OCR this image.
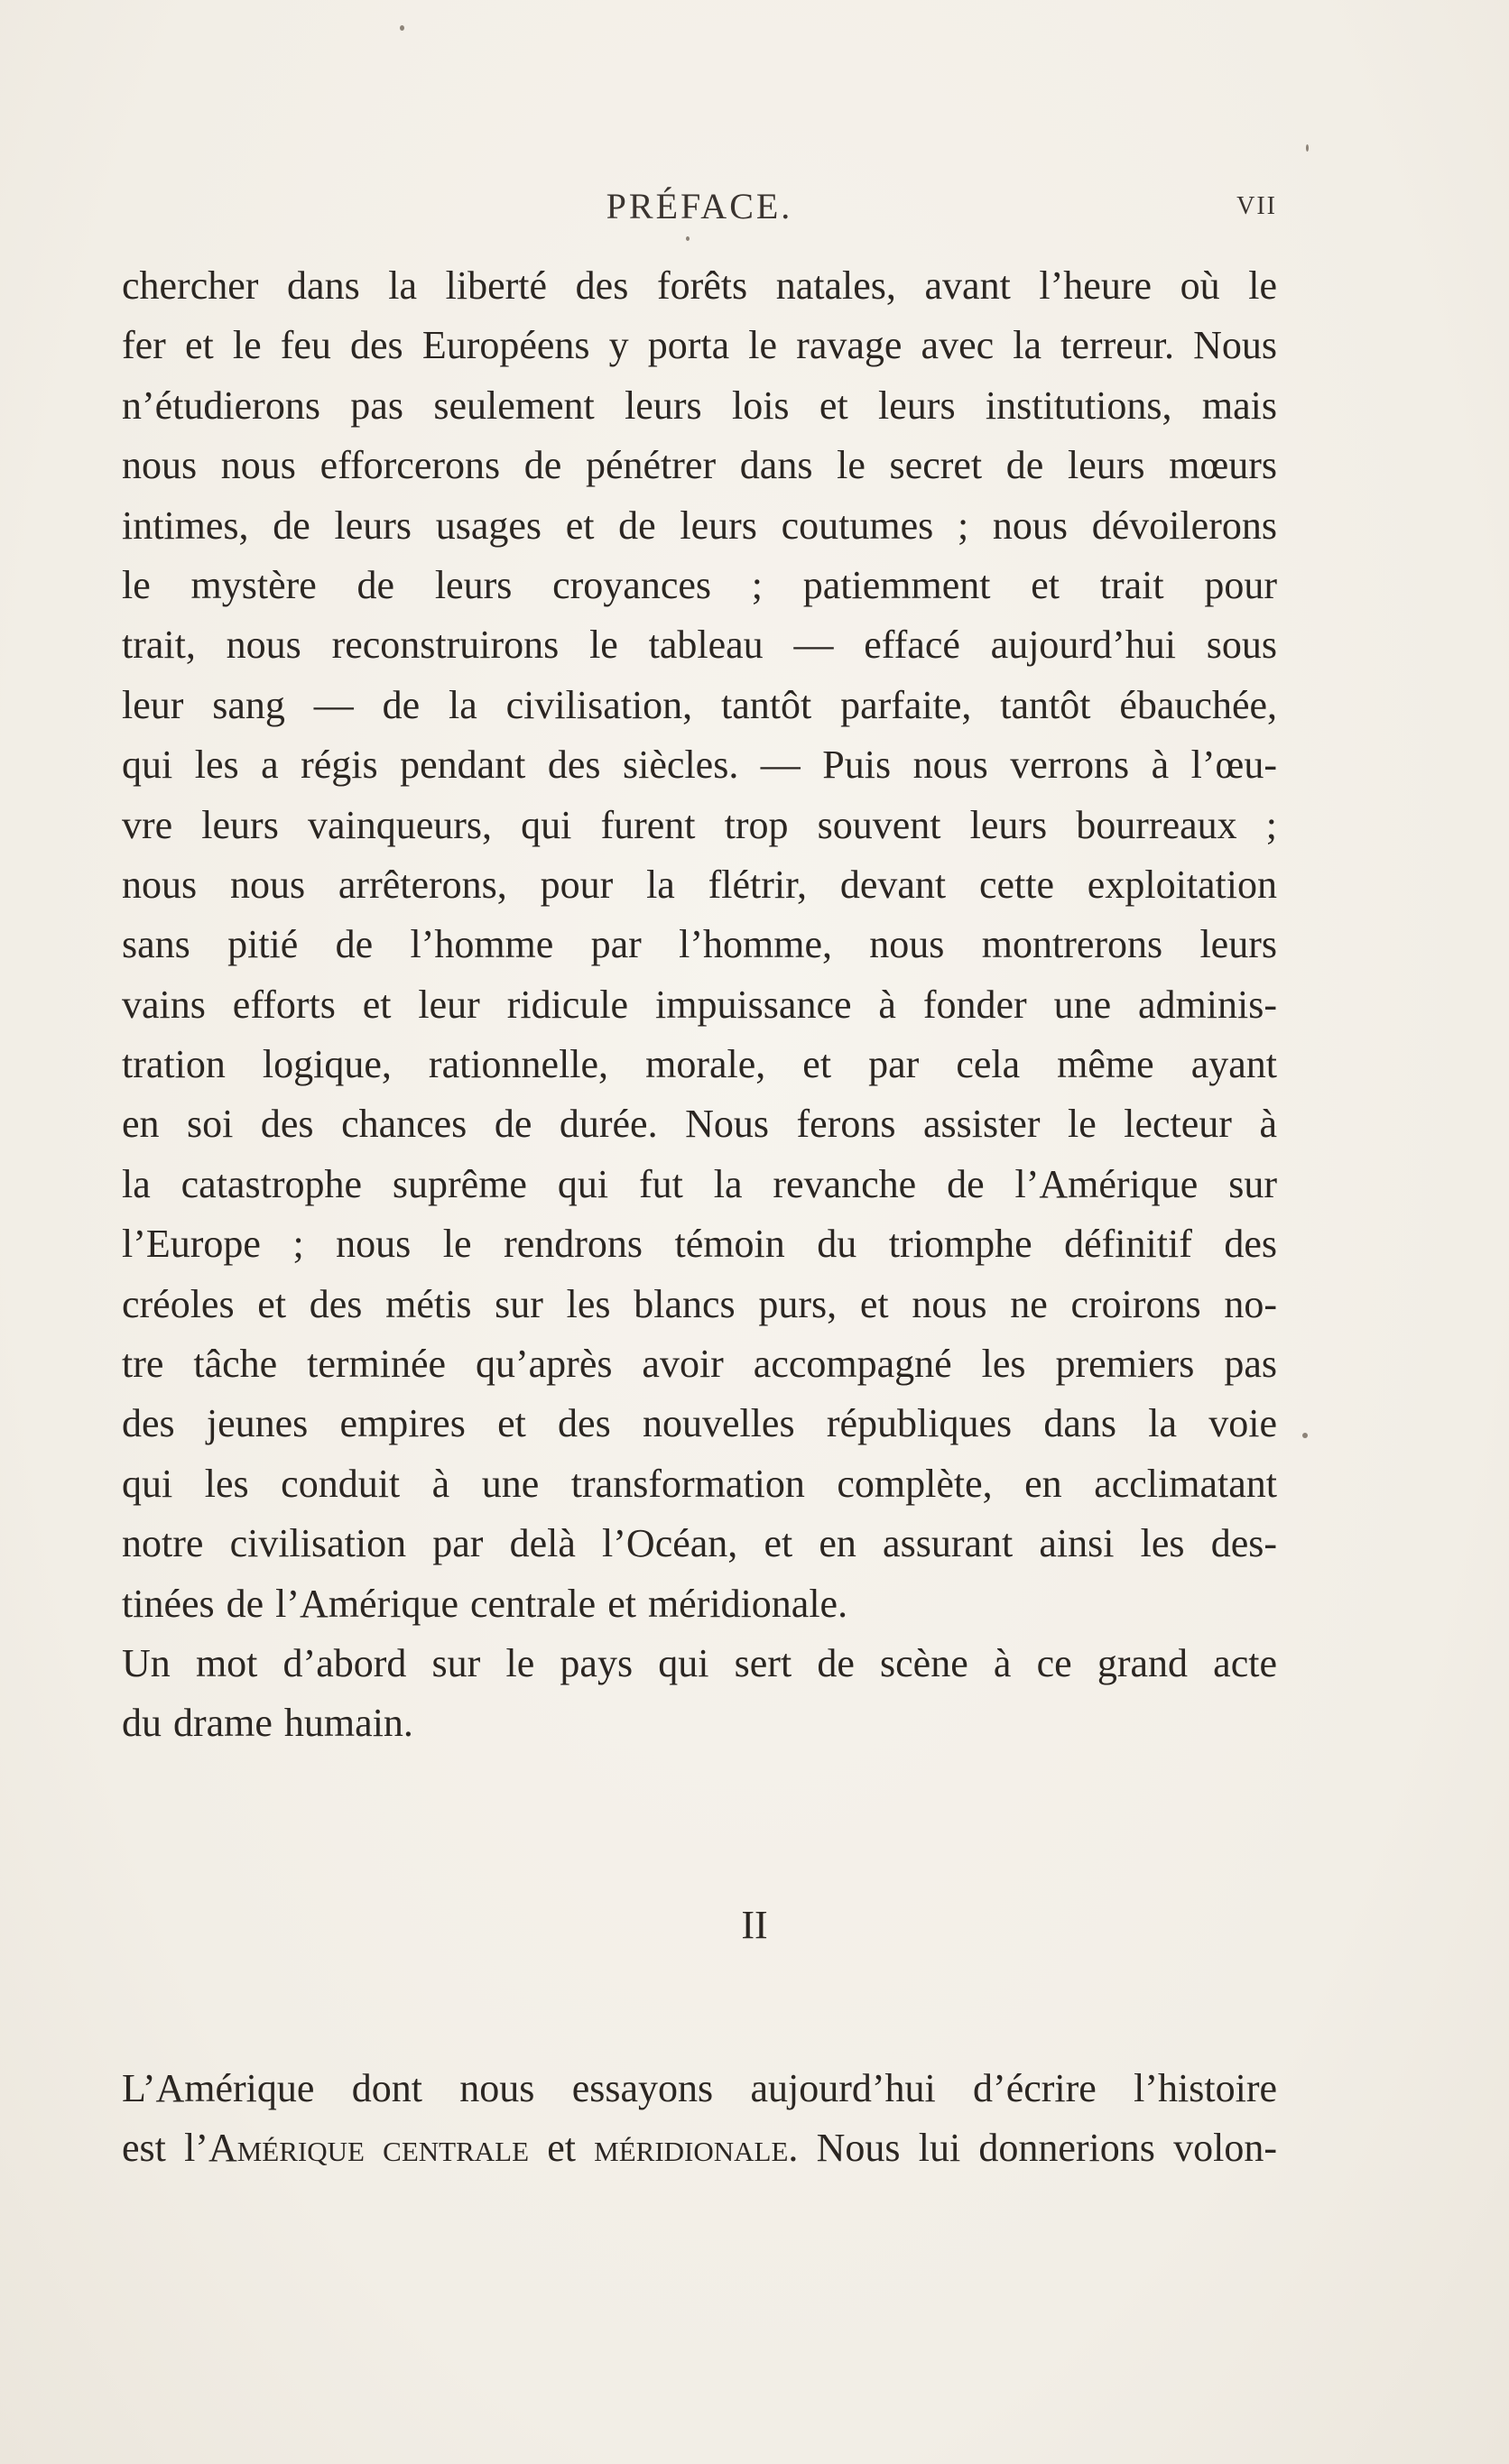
PRÉFACE.	VII
chercher dans la liberté des forêts natales, avant l’heure où le
fer et le feu des Européens y porta le ravage avec la terreur. Nous
n’étudierons pas seulement leurs lois et leurs institutions, mais
nous nous efforcerons de pénétrer dans le secret de leurs mœurs
intimes, de leurs usages et de leurs coutumes ; nous dévoilerons
le mystère de leurs croyances ; patiemment et trait pour
trait, nous reconstruirons le tableau — effacé aujourd’hui sous
leur sang — de la civilisation, tantôt parfaite, tantôt ébauchée,
qui les a régis pendant des siècles. — Puis nous verrons à l’œu-
vre leurs vainqueurs, qui furent trop souvent leurs bourreaux ;
nous nous arrêterons, pour la flétrir, devant cette exploitation
sans pitié de l’homme par l’homme, nous montrerons leurs
vains efforts et leur ridicule impuissance à fonder une adminis-
tration logique, rationnelle, morale, et par cela même ayant
en soi des chances de durée. Nous ferons assister le lecteur à
la catastrophe suprême qui fut la revanche de l’Amérique sur
l’Europe ; nous le rendrons témoin du triomphe définitif des
créoles et des métis sur les blancs purs, et nous ne croirons no-
tre tâche terminée qu’après avoir accompagné les premiers pas
des jeunes empires et des nouvelles républiques dans la voie
qui les conduit à une transformation complète, en acclimatant
notre civilisation par delà l’Océan, et en assurant ainsi les des-
tinées de l’Amérique centrale et méridionale.
Un mot d’abord sur le pays qui sert de scène à ce grand acte
du drame humain.
II
L’Amérique dont nous essayons aujourd’hui d’écrire l’histoire
est l’Amérique centrale et méridionale. Nous lui donnerions volon-
